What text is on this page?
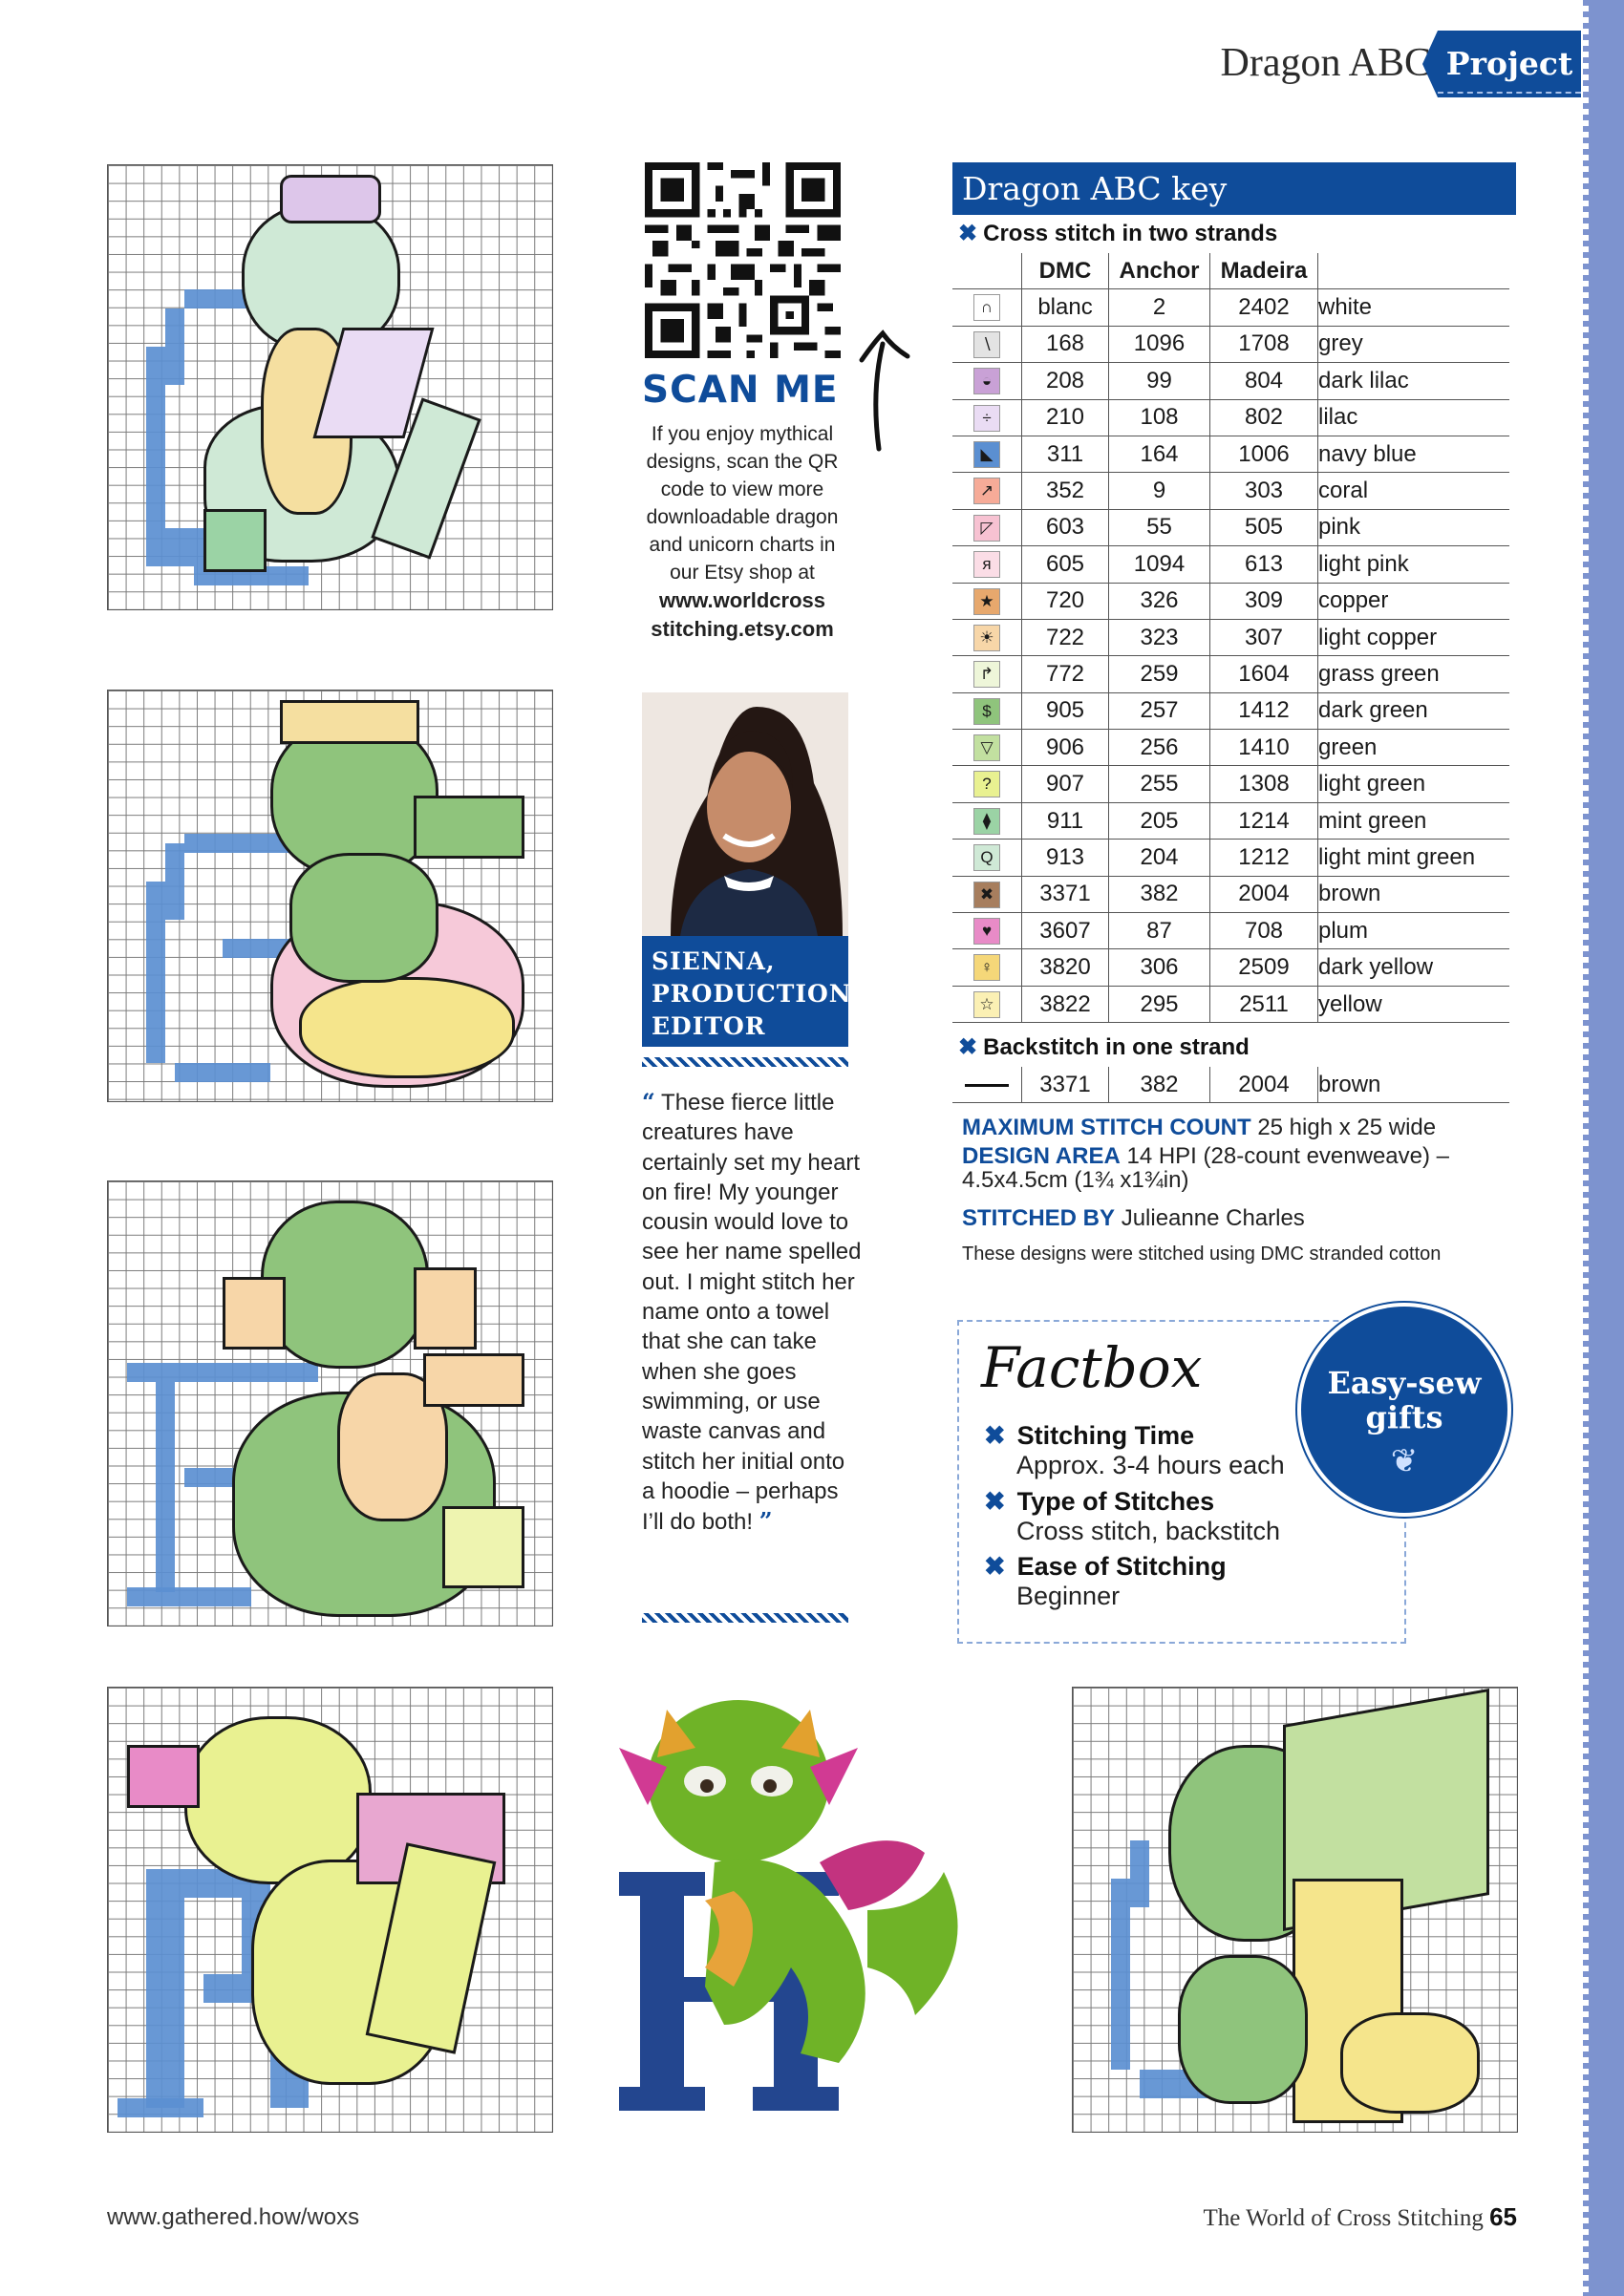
Dragon ABC Project
SCAN ME
If you enjoy mythical designs, scan the QR code to view more downloadable dragon and unicorn charts in our Etsy shop at
www.worldcross stitching.etsy.com
SIENNA, PRODUCTION EDITOR
“ These fierce little creatures have certainly set my heart on fire! My younger cousin would love to see her name spelled out. I might stitch her name onto a towel that she can take when she goes swimming, or use waste canvas and stitch her initial onto a hoodie – perhaps I’ll do both! ”
Dragon ABC key
✖ Cross stitch in two strands
	DMC	Anchor	Madeira	
∩	blanc	2	2402	white
∖	168	1096	1708	grey
◒	208	99	804	dark lilac
÷	210	108	802	lilac
◣	311	164	1006	navy blue
↗	352	9	303	coral
◸	603	55	505	pink
я	605	1094	613	light pink
★	720	326	309	copper
☀	722	323	307	light copper
↱	772	259	1604	grass green
$	905	257	1412	dark green
▽	906	256	1410	green
?	907	255	1308	light green
⧫	911	205	1214	mint green
Q	913	204	1212	light mint green
✖	3371	382	2004	brown
♥	3607	87	708	plum
♀	3820	306	2509	dark yellow
☆	3822	295	2511	yellow
✖ Backstitch in one strand
	3371	382	2004	brown
MAXIMUM STITCH COUNT 25 high x 25 wide
DESIGN AREA 14 HPI (28-count evenweave) –
4.5x4.5cm (1¾ x1¾in)
STITCHED BY Julieanne Charles
These designs were stitched using DMC stranded cotton
Factbox
✖ Stitching Time
Approx. 3-4 hours each
✖ Type of Stitches
Cross stitch, backstitch
✖ Ease of Stitching
Beginner
Easy-sew gifts
❦
www.gathered.how/woxs	The World of Cross Stitching 65
